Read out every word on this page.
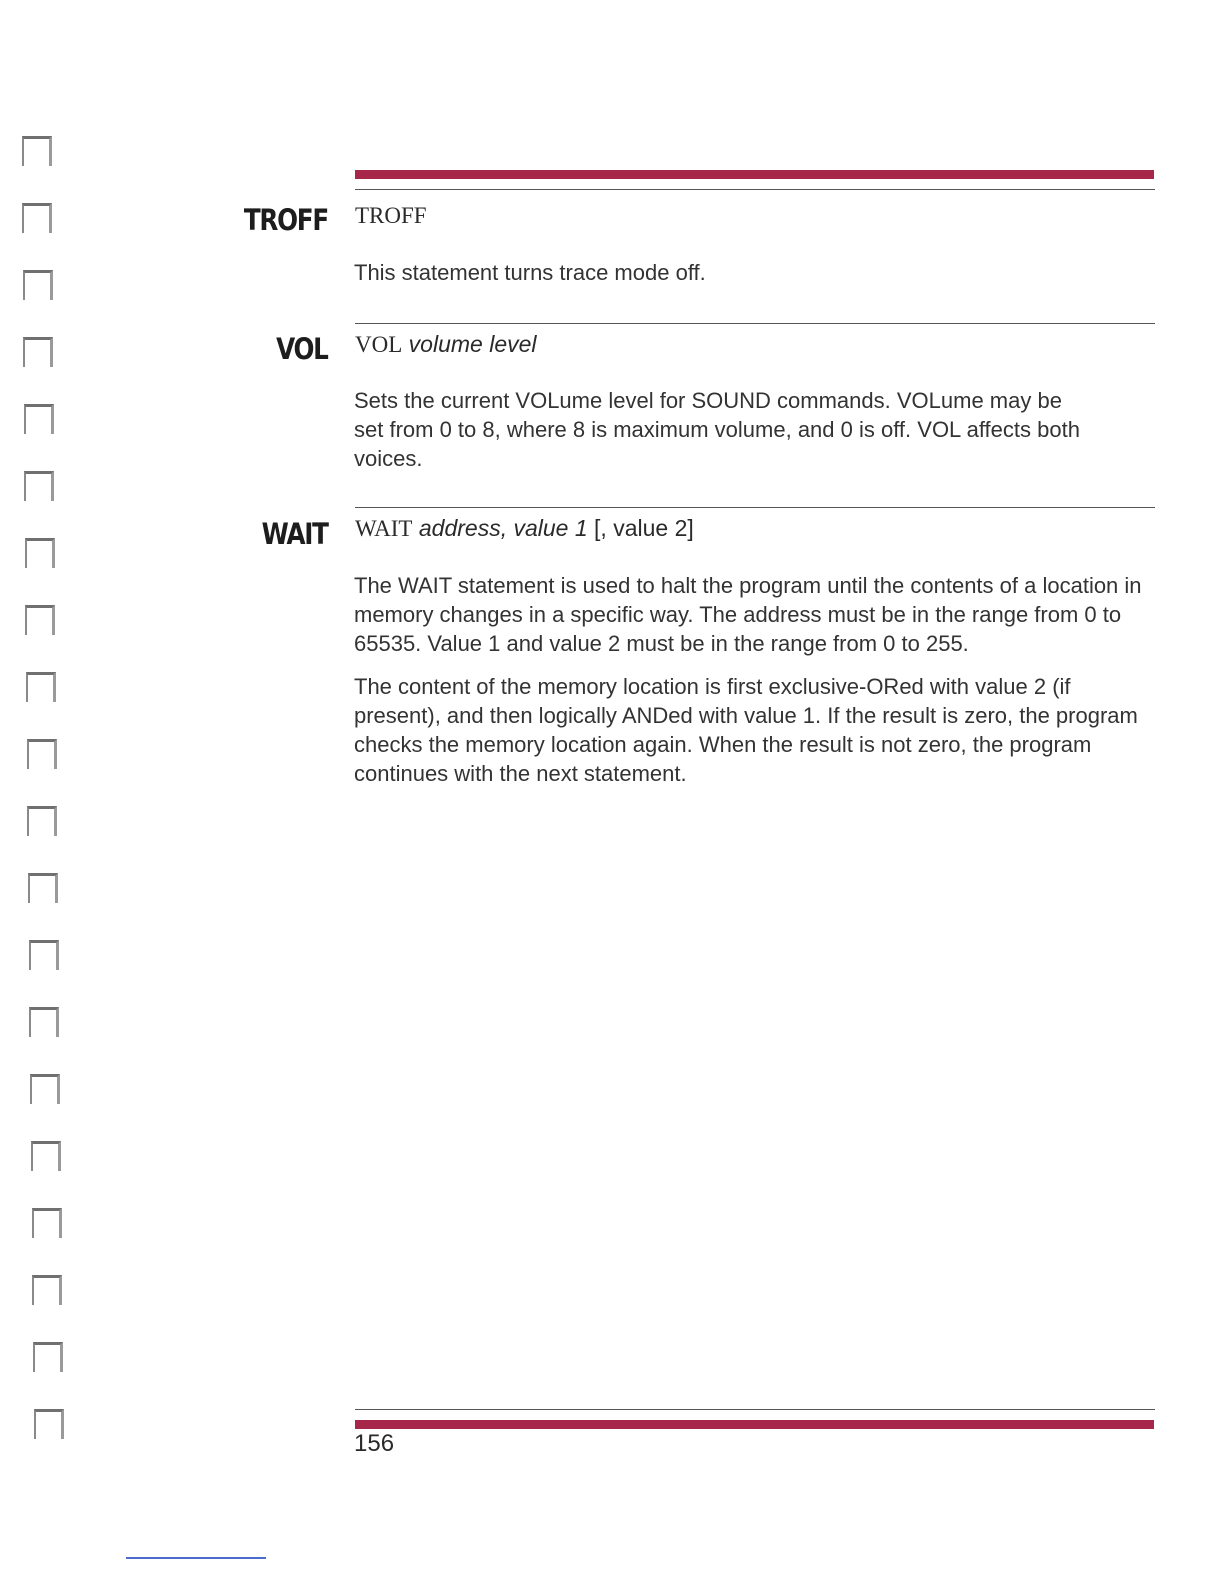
TROFF TROFF

This statement turns trace mode off.

VOL VOL volume level

Sets the current VOLume level for SOUND commands. VOLume may be set from 0 to 8, where 8 is maximum volume, and 0 is off. VOL affects both voices.

WAIT WAIT address, value 1 [, value 2]

The WAIT statement is used to halt the program until the contents of a location in memory changes in a specific way. The address must be in the range from 0 to 65535. Value 1 and value 2 must be in the range from 0 to 255.

The content of the memory location is first exclusive-ORed with value 2 (if present), and then logically ANDed with value 1. If the result is zero, the program checks the memory location again. When the result is not zero, the program continues with the next statement.

156
